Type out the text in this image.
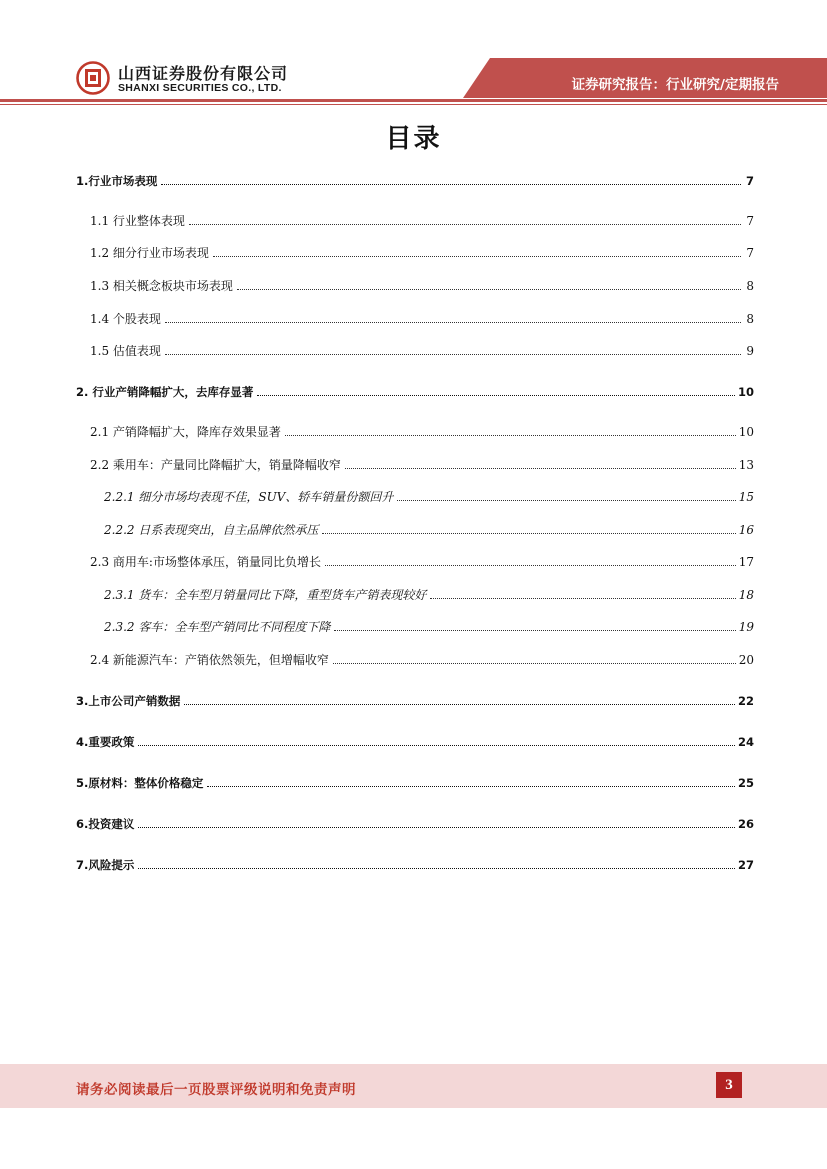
山西证券股份有限公司
SHANXI SECURITIES CO., LTD.	证券研究报告：行业研究/定期报告
目录
1.行业市场表现	7
1.1 行业整体表现	7
1.2 细分行业市场表现	7
1.3 相关概念板块市场表现	8
1.4 个股表现	8
1.5 估值表现	9
2. 行业产销降幅扩大，去库存显著	10
2.1 产销降幅扩大，降库存效果显著	10
2.2 乘用车：产量同比降幅扩大，销量降幅收窄	13
2.2.1 细分市场均表现不佳，SUV、轿车销量份额回升	15
2.2.2 日系表现突出，自主品牌依然承压	16
2.3 商用车:市场整体承压，销量同比负增长	17
2.3.1 货车：全车型月销量同比下降，重型货车产销表现较好	18
2.3.2 客车：全车型产销同比不同程度下降	19
2.4 新能源汽车：产销依然领先，但增幅收窄	20
3.上市公司产销数据	22
4.重要政策	24
5.原材料：整体价格稳定	25
6.投资建议	26
7.风险提示	27
请务必阅读最后一页股票评级说明和免责声明	3
